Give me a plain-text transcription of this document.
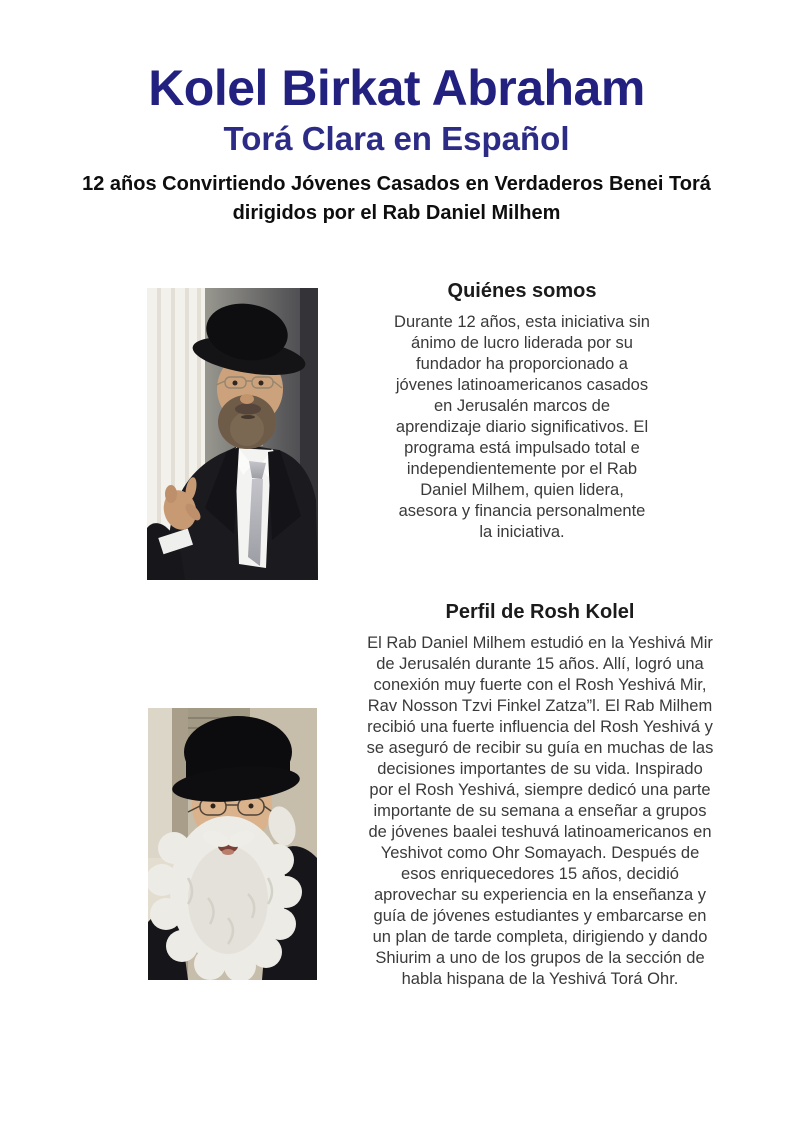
Kolel Birkat Abraham
Torá Clara en Español
12 años Convirtiendo Jóvenes Casados en Verdaderos Benei Torá
dirigidos por el Rab Daniel Milhem
Quiénes somos

Durante 12 años, esta iniciativa sin ánimo de lucro liderada por su fundador ha proporcionado a jóvenes latinoamericanos casados en Jerusalén marcos de aprendizaje diario significativos. El programa está impulsado total e independientemente por el Rab Daniel Milhem, quien lidera, asesora y financia personalmente la iniciativa.

Perfil de Rosh Kolel

El Rab Daniel Milhem estudió en la Yeshivá Mir de Jerusalén durante 15 años. Allí, logró una conexión muy fuerte con el Rosh Yeshivá Mir, Rav Nosson Tzvi Finkel Zatza”l. El Rab Milhem recibió una fuerte influencia del Rosh Yeshivá y se aseguró de recibir su guía en muchas de las decisiones importantes de su vida. Inspirado por el Rosh Yeshivá, siempre dedicó una parte importante de su semana a enseñar a grupos de jóvenes baalei teshuvá latinoamericanos en Yeshivot como Ohr Somayach. Después de esos enriquecedores 15 años, decidió aprovechar su experiencia en la enseñanza y guía de jóvenes estudiantes y embarcarse en un plan de tarde completa, dirigiendo y dando Shiurim a uno de los grupos de la sección de habla hispana de la Yeshivá Torá Ohr.
